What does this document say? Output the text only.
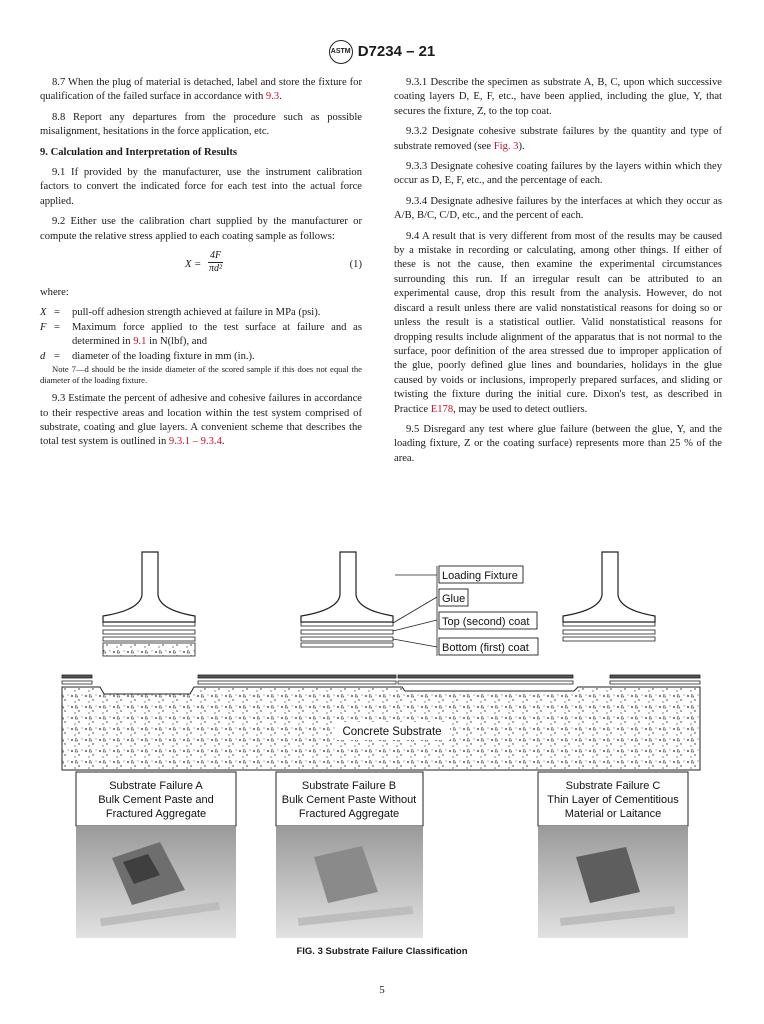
ASTM D7234 – 21

8.7 When the plug of material is detached, label and store the fixture for qualification of the failed surface in accordance with 9.3.

8.8 Report any departures from the procedure such as possible misalignment, hesitations in the force application, etc.

9. Calculation and Interpretation of Results

9.1 If provided by the manufacturer, use the instrument calibration factors to convert the indicated force for each test into the actual force applied.

9.2 Either use the calibration chart supplied by the manufacturer or compute the relative stress applied to each coating sample as follows:

$X = \frac{4F}{\text{πd²}}$	(1)

where:

X =	pull-off adhesion strength achieved at failure in MPa (psi).
F =	Maximum force applied to the test surface at failure and as determined in 9.1 in N(lbf), and
d =	diameter of the loading fixture in mm (in.).

Note 7—d should be the inside diameter of the scored sample if this does not equal the diameter of the loading fixture.

9.3 Estimate the percent of adhesive and cohesive failures in accordance to their respective areas and location within the test system comprised of substrate, coating and glue layers. A convenient scheme that describes the total test system is outlined in 9.3.1 – 9.3.4.

9.3.1 Describe the specimen as substrate A, B, C, upon which successive coating layers D, E, F, etc., have been applied, including the glue, Y, that secures the fixture, Z, to the top coat.

9.3.2 Designate cohesive substrate failures by the quantity and type of substrate removed (see Fig. 3).

9.3.3 Designate cohesive coating failures by the layers within which they occur as D, E, F, etc., and the percentage of each.

9.3.4 Designate adhesive failures by the interfaces at which they occur as A/B, B/C, C/D, etc., and the percent of each.

9.4 A result that is very different from most of the results may be caused by a mistake in recording or calculating, among other things. If either of these is not the cause, then examine the experimental circumstances surrounding this run. If an irregular result can be attributed to an experimental cause, drop this result from the analysis. However, do not discard a result unless there are valid nonstatistical reasons for doing so or unless the result is a statistical outlier. Valid nonstatistical reasons for dropping results include alignment of the apparatus that is not normal to the surface, poor definition of the area stressed due to improper application of the glue, poorly defined glue lines and boundaries, holidays in the glue caused by voids or inclusions, improperly prepared surfaces, and sliding or twisting the fixture during the initial cure. Dixon's test, as described in Practice E178, may be used to detect outliers.

9.5 Disregard any test where glue failure (between the glue, Y, and the loading fixture, Z or the coating surface) represents more than 25 % of the area.

Loading Fixture
Glue
Top (second) coat
Bottom (first) coat
Concrete Substrate
Substrate Failure A
Bulk Cement Paste and
Fractured Aggregate
Substrate Failure B
Bulk Cement Paste Without
Fractured Aggregate
Substrate Failure C
Thin Layer of Cementitious
Material or Laitance
FIG. 3 Substrate Failure Classification
5
